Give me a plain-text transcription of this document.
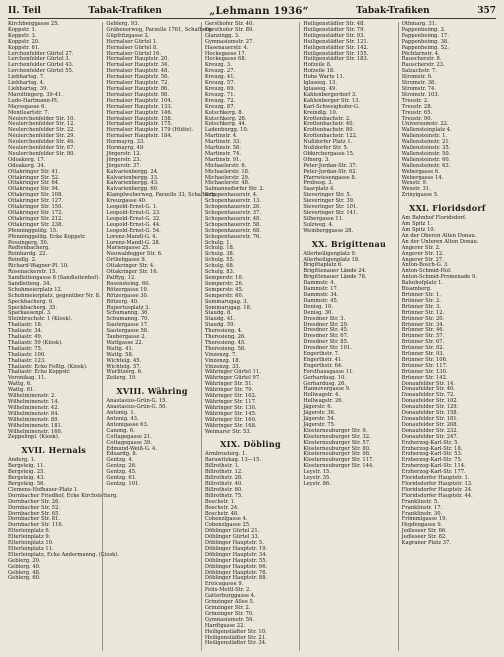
II. Teil	Tabak-Trafiken	„Lehmann 1936“	Tabak-Trafiken	357
Kirchberggasse 25.
Koppstr. 1.
Koppstr. 3.
Koppstr. 20.
Koppstr. 61.
Lerchenfelder Gürtel 27.
Lerchenfelder Gürtel 3.
Lerchenfelder Gürtel 43.
Lerchenfelder Gürtel 55.
Liebhartsg. 7.
Liebhartsg. 4.
Liebhartsg. 39.
Maroltingerg. 39-41.
Ludo-Hartmann-Pl.
Mayssgasse 6.
Montleartstr. 7.
Neulerchenfelder Str. 10.
Neulerchenfelder Str. 12.
Neulerchenfelder Str. 22.
Neulerchenfelder Str. 29.
Neulerchenfelder Str. 46.
Neulerchenfelder Str. 67.
Neulerchenfelder Str. 80.
Odoakerg. 17.
Odoakerg. 34.
Ottakringer Str. 41.
Ottakringer Str. 52.
Ottakringer Str. 64.
Ottakringer Str. 94.
Ottakringer Str. 108.
Ottakringer Str. 127.
Ottakringer Str. 150.
Ottakringer Str. 172.
Ottakringer Str. 212.
Ottakringer Str. 238.
Pfenninggeldg. 15.
Pfenninggeldg. Ecke Koppstr.
Possingerg. 50.
Redtenbacherg.
Reinhardg. 22.
Reindlg. 2.
Richard-Wagner-Pl. 10.
Rosenackerstr. 15.
Sandleitengasse 8 (Sandleitenhof).
Sandleiteng. 34.
Schuhmeierplatz 12.
Schuhmeierplatz, gegenüber Nr. 8.
Speckbacherg. 6.
Speckbacherg. 35.
Sparkassenpl. 3.
Steinbruchstr. 1 (Kiosk).
Thaliastr. 18.
Thaliastr. 34.
Thaliastr. 49.
Thaliastr. 59 (Kiosk).
Thaliastr. 75.
Thaliastr. 100.
Thaliastr. 123.
Thaliastr. Ecke Feßtg. (Kiosk).
Thaliastr. Ecke Koppstr.
Veronikag. 11.
Wattg. 6.
Wattg. 61.
Wilhelminenstr. 2.
Wilhelminenstr. 14.
Wilhelminenstr. 42.
Wilhelminenstr. 84.
Wilhelminenstr. 89.
Wilhelminenstr. 181.
Wilhelminenstr. 160.
Zeppelinpl. (Kiosk).
XVII. Hernals
Anderg. 1.
Bergsteig. 11.
Bergsteig. 25.
Bergsteig. 43.
Bergsteig. 56.
Clemens-Hofbauer-Platz 1.
Dornbacher Friedhof, Ecke Kirchstetterg.
Dornbacher Str. 26.
Dornbacher Str. 52.
Dornbacher Str. 65.
Dornbacher Str. 81.
Dornbacher Str. 116.
Elterleinplatz 6.
Elterleinplatz 9.
Elterleinplatz 10.
Elterleinplatz 11.
Elterleinplatz, Ecke Andermanng. (Kiosk).
Geblerg. 20.
Geblerg. 40.
Geblerg. 48.
Geblerg. 60.
Geblerg. 93.
Gräbenerweg, Parzelle 1761, Schafberg.
Güpfritzgasse 2.
Hernalser Gürtel 1.
Hernalser Gürtel 8.
Hernalser Gürtel 16.
Hernalser Hauptstr. 20.
Hernalser Hauptstr. 34.
Hernalser Hauptstr. 48.
Hernalser Hauptstr. 58.
Hernalser Hauptstr. 72.
Hernalser Hauptstr. 86.
Hernalser Hauptstr. 98.
Hernalser Hauptstr. 104.
Hernalser Hauptstr. 133.
Hernalser Hauptstr. 146.
Hernalser Hauptstr. 158.
Hernalser Hauptstr. 175.
Hernalser Hauptstr. 179 (Hütte).
Hernalser Hauptstr. 184.
Hormayrg. 33.
Hormayrg. 49.
Jörgerstr. 12.
Jörgerstr. 23.
Jörgerstr. 37.
Kalvarienbergg. 24.
Kalvarienbergg. 33.
Kalvarienbergg. 43.
Kalvarienbergg. 60.
Klamplweberweg, Parzelle 33, Schafberg.
Kreuzgasse 40.
Leopold-Ernst-G. 1.
Leopold-Ernst-G. 23.
Leopold-Ernst-G. 32.
Leopold-Ernst-G. 44.
Leopold-Ernst-G. 54.
Lorenz-Mandl-G. 4.
Lorenz-Mandl-G. 28.
Mariengasse 25.
Neuwaldegger Str. 6.
Ortliebgasse 9.
Ottakringer Str. 4.
Ottakringer Str. 16.
Palffyg. 12.
Rosensteing. 60.
Rötzergasse 19.
Rötzergasse 30.
Rötzerg. 40.
Rupertusplatz 3.
Schumanng. 36.
Schumanng. 70.
Sautergasse 17.
Sautergasse 58.
Taubergasse 2.
Wattgasse 22.
Wattg. 41.
Wattg. 58.
Wichtelg. 45.
Wichtelg. 57.
Wurlitzerg. 6.
Zeilerg. 19.
XVIII. Währing
Anastasius-Grün-G. 15.
Anastasius-Grün-G. 50.
Antonig. 1.
Antonig. 43.
Antonigasse 63.
Canong. 6.
Cottagegasse 21.
Cottagegasse 39.
Edmund-Weiß-G. 4.
Eduardg. 8.
Gentzg. 4.
Gentzg. 26.
Gentzg. 45.
Gentzg. 61.
Gentzg. 101.
Gersthofer Str. 40.
Gersthofer Str. 89.
Glanzingg. 3.
Gymnasiumstr. 27.
Hasenauerstr. 4.
Hockegasse 17.
Hockegasse 68.
Kreuzg. 3.
Kreuzg. 27.
Kreuzg. 41.
Kreuzg. 57.
Kreuzg. 69.
Kreuzg. 71.
Kreuzg. 72.
Kreuzg. 87.
Kutschkerg. 8.
Kutschkerg. 26.
Kutschkerg. 44.
Ladenburgg. 10.
Martinstr. 4.
Martinstr. 33.
Martinstr. 58.
Martinstr. 74.
Martinstr. 91.
Michaelerstr. 6.
Michaelerstr. 18.
Michaelerstr. 29.
Michaelerstr. 48.
Salmannsdorfer Str. 2.
Schopenhauerstr. 4.
Schopenhauerstr. 13.
Schopenhauerstr. 26.
Schopenhauerstr. 37.
Schopenhauerstr. 48.
Schopenhauerstr. 58.
Schopenhauerstr. 68.
Schopenhauerstr. 76.
Schulg. 1.
Schulg. 18.
Schulg. 38.
Schulg. 55.
Schulg. 68.
Schulg. 83.
Semperstr. 10.
Semperstr. 26.
Semperstr. 45.
Semperstr. 60.
Sommarugag. 3.
Sommarugag. 18.
Staudg. 8.
Staudg. 41.
Staudg. 59.
Theresieng. 4.
Theresieng. 26.
Theresieng. 45.
Theresieng. 58.
Vinzenzg. 7.
Vinzenzg. 18.
Vinzenzg. 33.
Währinger Gürtel 11.
Währinger Gürtel 97.
Währinger Str. 51.
Währinger Str. 79.
Währinger Str. 102.
Währinger Str. 117.
Währinger Str. 130.
Währinger Str. 145.
Währinger Str. 160.
Währinger Str. 168.
Weimarer Str. 53.
XIX. Döbling
Armbrusterg. 1.
Barawitzkag. 13—15.
Billrothstr. 1.
Billrothstr. 12.
Billrothstr. 28.
Billrothstr. 40.
Billrothstr. 60.
Billrothstr. 75.
Boschstr. 1.
Boschstr. 24.
Boschstr. 48.
Cobenzlgasse 4.
Cobenzlgasse 25.
Döblinger Gürtel 21.
Döblinger Gürtel 33.
Döblinger Hauptstr. 5.
Döblinger Hauptstr. 19.
Döblinger Hauptstr. 34.
Döblinger Hauptstr. 55.
Döblinger Hauptstr. 66.
Döblinger Hauptstr. 76.
Döblinger Hauptstr. 88.
Eroicagasse 9.
Felix-Mottl-Str. 2.
Gatterburggasse 4.
Grinzinger Allee 5.
Grinzinger Str. 2.
Grinzinger Str. 70.
Gymnasiumstr. 59.
Hardtgasse 22.
Heiligenstädter Str. 10.
Heiligenstädter Str. 21.
Heiligenstädter Str. 34.
Heiligenstädter Str. 48.
Heiligenstädter Str. 79.
Heiligenstädter Str. 93.
Heiligenstädter Str. 121.
Heiligenstädter Str. 142.
Heiligenstädter Str. 155.
Heiligenstädter Str. 183.
Hofzeile 8.
Hofzeile 18.
Hohe Warte 11.
Iglaseeg. 13.
Iglaseeg. 49.
Kahlenbergerdorf 3.
Kahlenberger Str. 13.
Karl-Schweighofer-G.
Kreindlg. 10.
Krottenbachstr. 2.
Krottenbachstr. 40.
Krottenbachstr. 80.
Krottenbachstr. 122.
Nußdorfer Platz 1.
Nußdorfer Str. 5.
Obkirchergasse 15.
Ofnerg. 3.
Peter-Jordan-Str. 37.
Peter-Jordan-Str. 62.
Pfarrwiesengasse 8.
Probusg. 3.
Saarplatz 4.
Sieveringer Str. 5.
Sieveringer Str. 39.
Sieveringer Str. 101.
Sieveringer Str. 141.
Silbergasse 11.
Sulzweg. 4.
Weinberggasse 28.
XX. Brigittenau
Allerheiligenplatz 9.
Allerheiligenplatz 18.
Brigittaplatz 6.
Brigittenauer Lände 24.
Brigittenauer Lände 78.
Dammstr. 4.
Dammstr. 17.
Dammstr. 34.
Dammstr. 45.
Denisg. 10.
Denisg. 30.
Dresdner Str. 3.
Dresdner Str. 29.
Dresdner Str. 45.
Dresdner Str. 67.
Dresdner Str. 85.
Dresdner Str. 101.
Engerthstr. 7.
Engerthstr. 41.
Engerthstr. 64.
Forsthausgasse 11.
Gerhardusg. 10.
Gerhardusg. 26.
Hannovergasse 9.
Hellwagstr. 4.
Hellwagstr. 26.
Jägerstr. 6.
Jägerstr. 36.
Jägerstr. 54.
Jägerstr. 75.
Klosterneuburger Str. 9.
Klosterneuburger Str. 32.
Klosterneuburger Str. 57.
Klosterneuburger Str. 80.
Klosterneuburger Str. 98.
Klosterneuburger Str. 117.
Klosterneuburger Str. 144.
Leystr. 15.
Leystr. 35.
Leystr. 86.
Othmarg. 31.
Pappenheimg. 2.
Pappenheimg. 17.
Pappenheimg. 38.
Pappenheimg. 52.
Pöchlarnstr. 4.
Rauscherstr. 8.
Rauscherstr. 23.
Salzachstr. 7.
Stromstr. 6.
Stromstr. 38.
Stromstr. 74.
Stromstr. 103.
Treustr. 2.
Treustr. 28.
Treustr. 65.
Treustr. 90.
Universumstr. 22.
Wallensteinplatz 4.
Wallensteinstr. 1.
Wallensteinstr. 21.
Wallensteinstr. 35.
Wallensteinstr. 50.
Wallensteinstr. 60.
Wallensteinstr. 63.
Webergasse 6.
Webergasse 14.
Wexstr. 9.
Wexstr. 31.
Zrinyigasse 5.
XXI. Floridsdorf
Am Bahnhof Floridsdorf.
Am Spitz 1.
Am Spitz 10.
An der Oberen Alten Donau.
An der Unteren Alten Donau.
Angerer Str. 2.
Angerer Str. 12.
Angerer Str. 27.
Anton-Bosch-G. 3.
Anton-Schmid-Hof.
Anton-Schmid-Promenade 9.
Bahnhofplatz 1.
Bisamberg.
Brünner Str. 1.
Brünner Str. 2.
Brünner Str. 3.
Brünner Str. 12.
Brünner Str. 20.
Brünner Str. 34.
Brünner Str. 46.
Brünner Str. 57.
Brünner Str. 67.
Brünner Str. 82.
Brünner Str. 93.
Brünner Str. 106.
Brünner Str. 117.
Brünner Str. 130.
Brünner Str. 142.
Donaufelder Str. 14.
Donaufelder Str. 40.
Donaufelder Str. 72.
Donaufelder Str. 102.
Donaufelder Str. 129.
Donaufelder Str. 158.
Donaufelder Str. 181.
Donaufelder Str. 208.
Donaufelder Str. 232.
Donaufelder Str. 247.
Erzherzog-Karl-Str. 5.
Erzherzog-Karl-Str. 18.
Erzherzog-Karl-Str. 53.
Erzherzog-Karl-Str. 75.
Erzherzog-Karl-Str. 114.
Erzherzog-Karl-Str. 177.
Floridsdorfer Hauptstr. 1.
Floridsdorfer Hauptstr. 13.
Floridsdorfer Hauptstr. 24.
Floridsdorfer Hauptstr. 44.
Franklinstr. 5.
Franklinstr. 17.
Franklinstr. 30.
Frömmlgasse 19.
Hopfengasse 9.
Jedleseer Str. 66.
Jedleseer Str. 82.
Kagraner Platz 37.
